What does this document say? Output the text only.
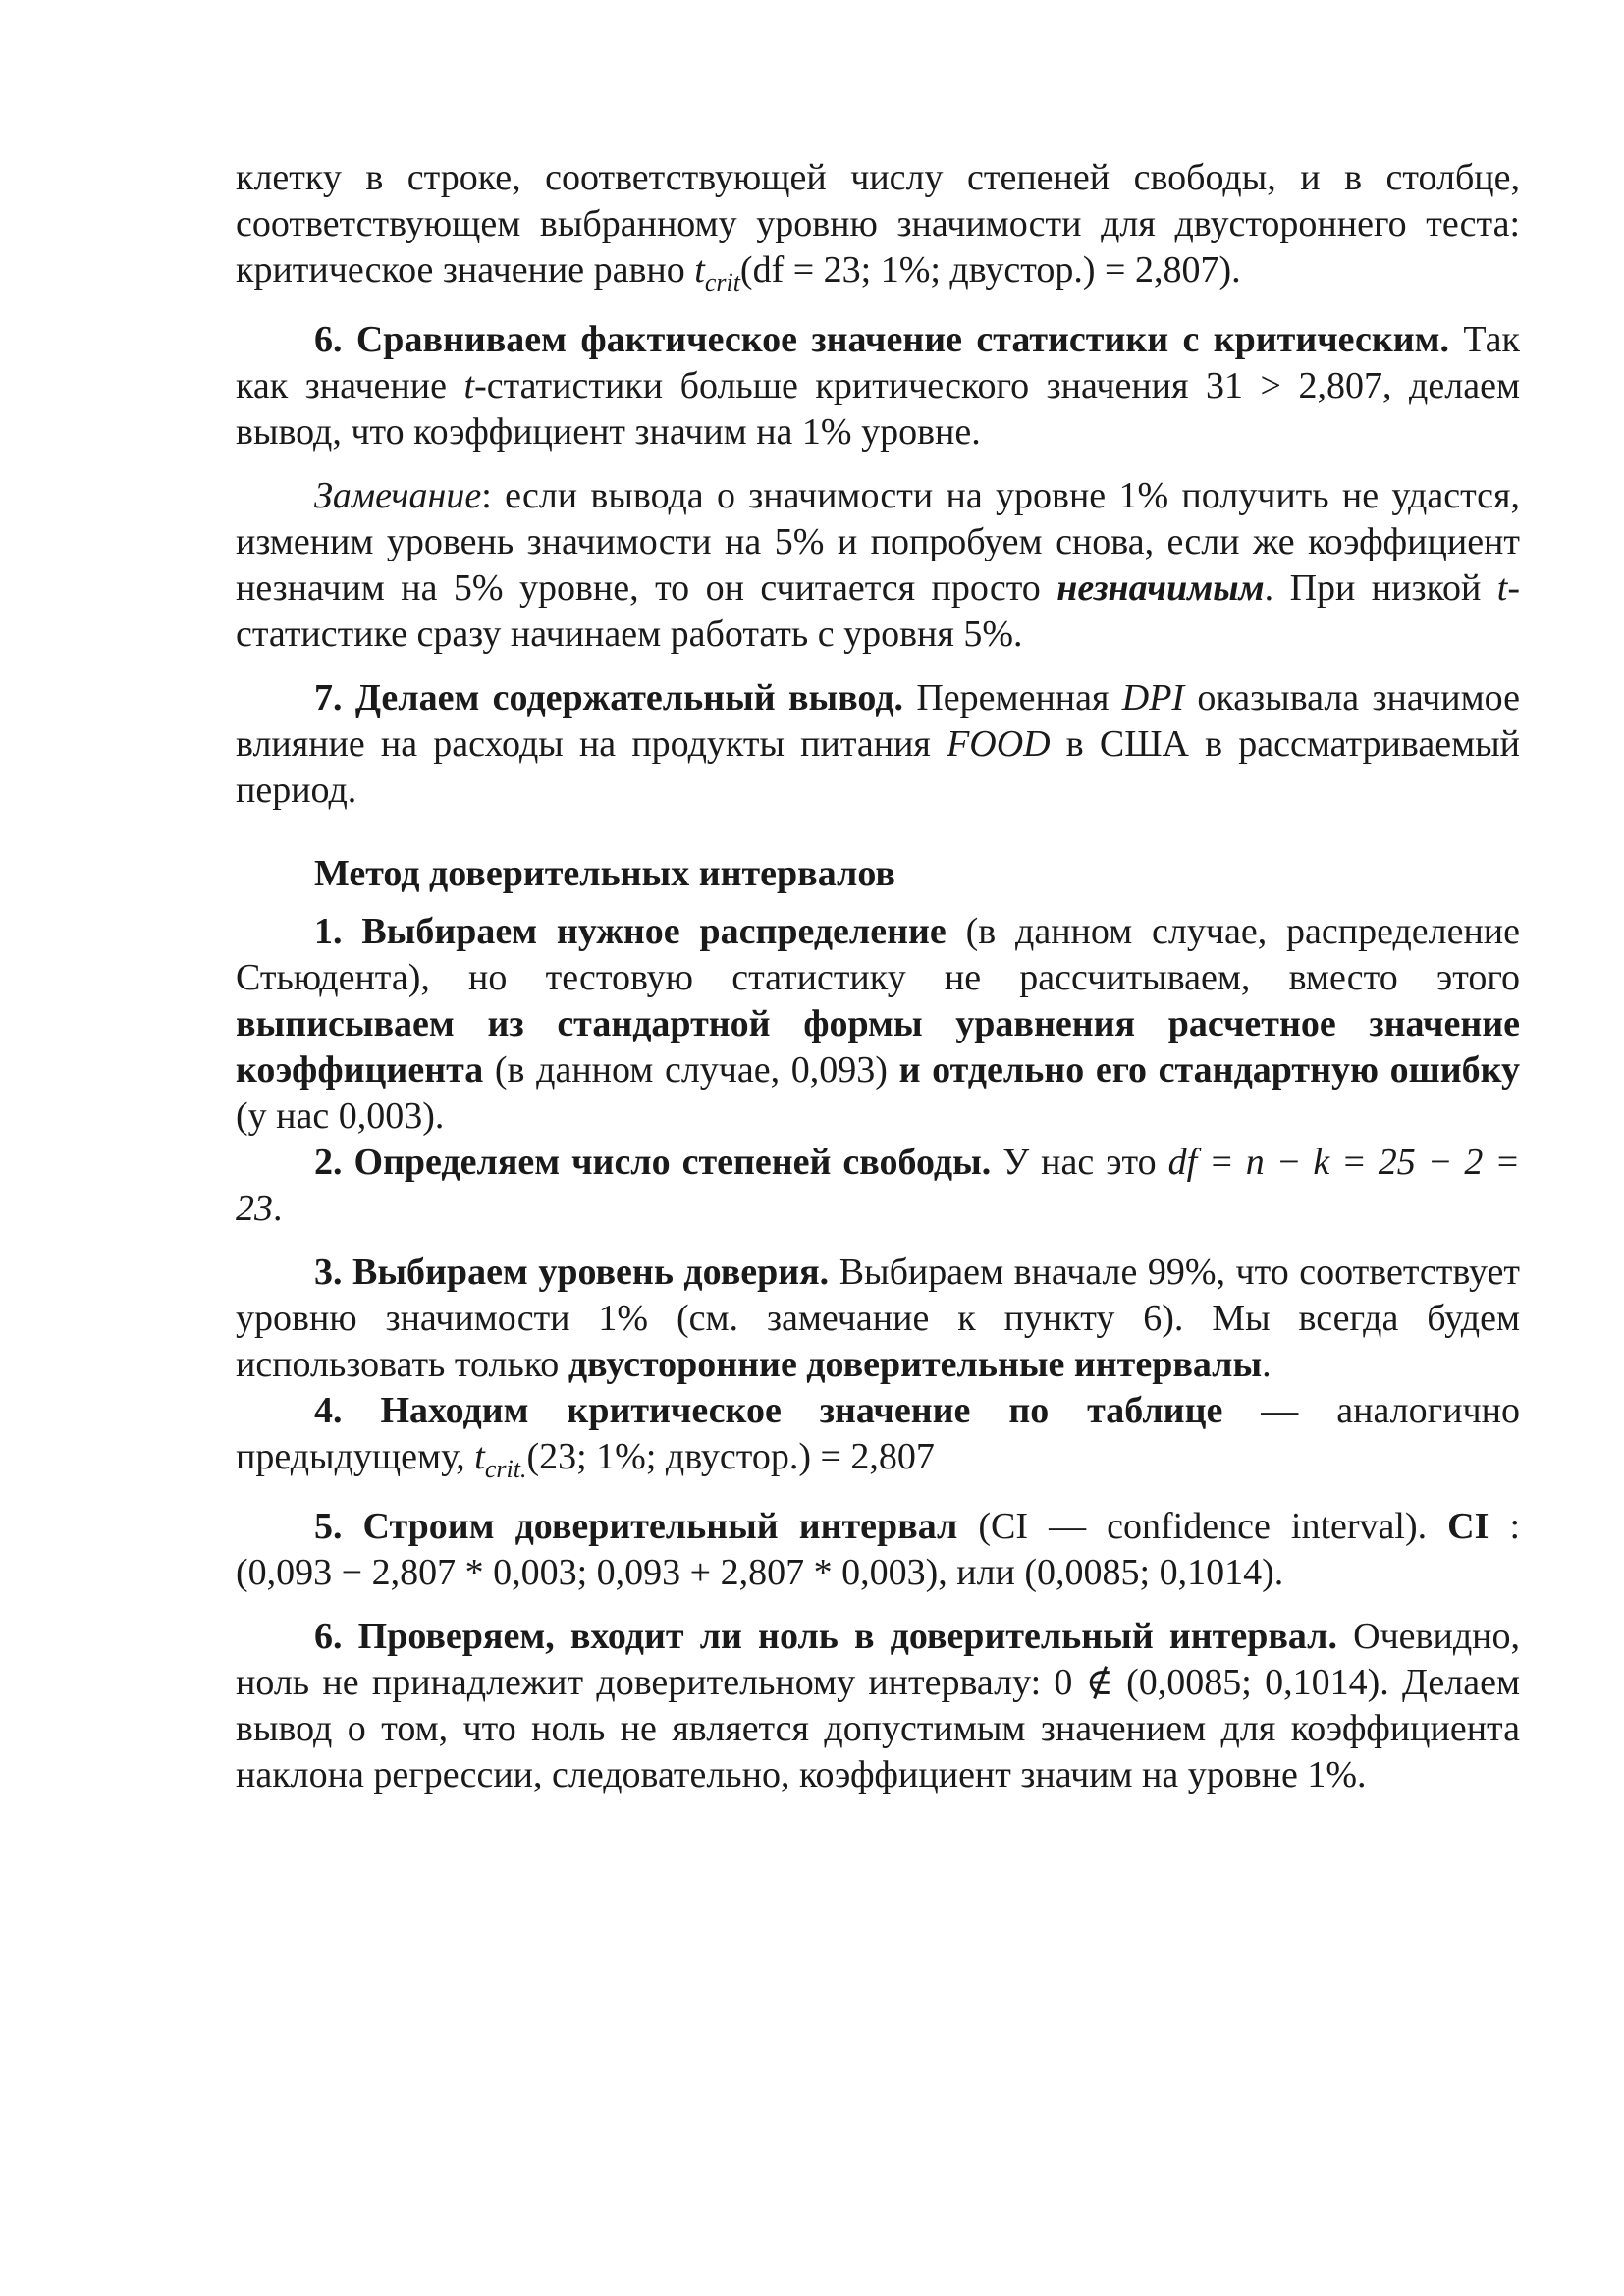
клетку в строке, соответствующей числу степеней свободы, и в столбце, соответствующем выбранному уровню значимости для двустороннего теста: критическое значение равно $t_{crit}(df = 23$; 1%; двустор.) = 2,807).

6. Сравниваем фактическое значение статистики с критическим. Так как значение t-статистики больше критического значения 31 > 2,807, делаем вывод, что коэффициент значим на 1% уровне.

Замечание: если вывода о значимости на уровне 1% получить не удастся, изменим уровень значимости на 5% и попробуем снова, если же коэффициент незначим на 5% уровне, то он считается просто незначимым. При низкой t-статистике сразу начинаем работать с уровня 5%.

7. Делаем содержательный вывод. Переменная DPI оказывала значимое влияние на расходы на продукты питания FOOD в США в рассматриваемый период.

Метод доверительных интервалов

1. Выбираем нужное распределение (в данном случае, распределение Стьюдента), но тестовую статистику не рассчитываем, вместо этого выписываем из стандартной формы уравнения расчетное значение коэффициента (в данном случае, 0,093) и отдельно его стандартную ошибку (у нас 0,003).

2. Определяем число степеней свободы. У нас это df = n − k = 25 − 2 = 23.

3. Выбираем уровень доверия. Выбираем вначале 99%, что соответствует уровню значимости 1% (см. замечание к пункту 6). Мы всегда будем использовать только двусторонние доверительные интервалы.

4. Находим критическое значение по таблице — аналогично предыдущему, $t_{crit.}(23$; 1%; двустор.) = 2,807

5. Строим доверительный интервал (CI — confidence interval). CI : (0,093 − 2,807 * 0,003; 0,093 + 2,807 * 0,003), или (0,0085; 0,1014).

6. Проверяем, входит ли ноль в доверительный интервал. Очевидно, ноль не принадлежит доверительному интервалу: 0 ∉ (0,0085; 0,1014). Делаем вывод о том, что ноль не является допустимым значением для коэффициента наклона регрессии, следовательно, коэффициент значим на уровне 1%.
